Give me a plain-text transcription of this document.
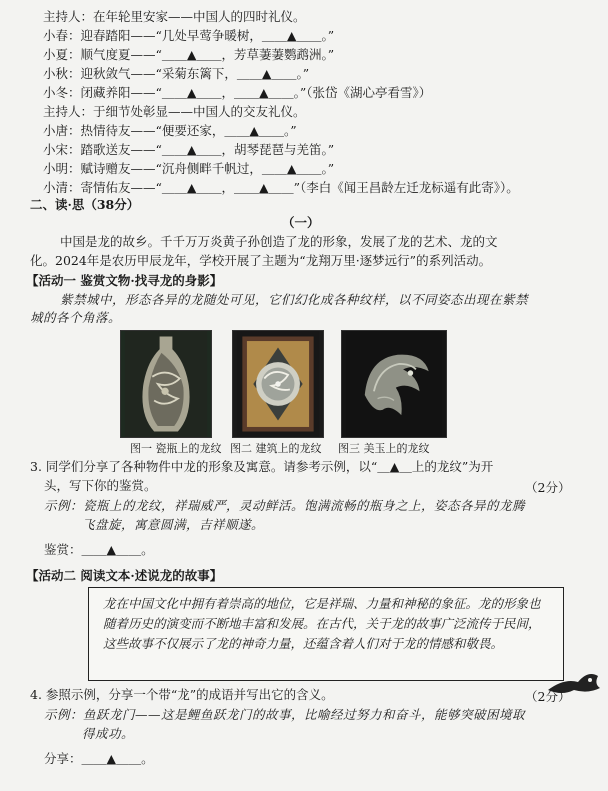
主持人：在年轮里安家——中国人的四时礼仪。
小春：迎春踏阳——“几处早莺争暖树，＿＿▲＿＿。”
小夏：顺气度夏——“＿＿▲＿＿，芳草萋萋鹦鹉洲。”
小秋：迎秋敛气——“采菊东篱下，＿＿▲＿＿。”
小冬：闭藏养阳——“＿＿▲＿＿，＿＿▲＿＿。”（张岱《湖心亭看雪》）
主持人：于细节处彰显——中国人的交友礼仪。
小唐：热情待友——“便要还家，＿＿▲＿＿。”
小宋：踏歌送友——“＿＿▲＿＿，胡琴琵琶与羌笛。”
小明：赋诗赠友——“沉舟侧畔千帆过，＿＿▲＿＿。”
小清：寄情佑友——“＿＿▲＿＿，＿＿▲＿＿”（李白《闻王昌龄左迁龙标遥有此寄》）。
二、读·思（38分）
（一）
中国是龙的故乡。千千万万炎黄子孙创造了龙的形象，发展了龙的艺术、龙的文
化。2024年是农历甲辰龙年，学校开展了主题为“龙翔万里·逐梦远行”的系列活动。
【活动一 鉴赏文物·找寻龙的身影】
紫禁城中，形态各异的龙随处可见，它们幻化成各种纹样，以不同姿态出现在紫禁
城的各个角落。
图一 瓷瓶上的龙纹 图二 建筑上的龙纹 图三 美玉上的龙纹
3. 同学们分享了各种物件中龙的形象及寓意。请参考示例，以“＿▲＿上的龙纹”为开
头，写下你的鉴赏。	（2分）
示例：瓷瓶上的龙纹，祥瑞威严，灵动鲜活。饱满流畅的瓶身之上，姿态各异的龙腾
飞盘旋，寓意圆满，吉祥顺遂。
鉴赏：＿＿▲＿＿。
【活动二 阅读文本·述说龙的故事】
龙在中国文化中拥有着崇高的地位，它是祥瑞、力量和神秘的象征。龙的形象也随着历史的演变而不断地丰富和发展。在古代，关于龙的故事广泛流传于民间，这些故事不仅展示了龙的神奇力量，还蕴含着人们对于龙的情感和敬畏。
4. 参照示例，分享一个带“龙”的成语并写出它的含义。	（2分）
示例：鱼跃龙门——这是鲤鱼跃龙门的故事，比喻经过努力和奋斗，能够突破困境取
得成功。
分享：＿＿▲＿＿。
